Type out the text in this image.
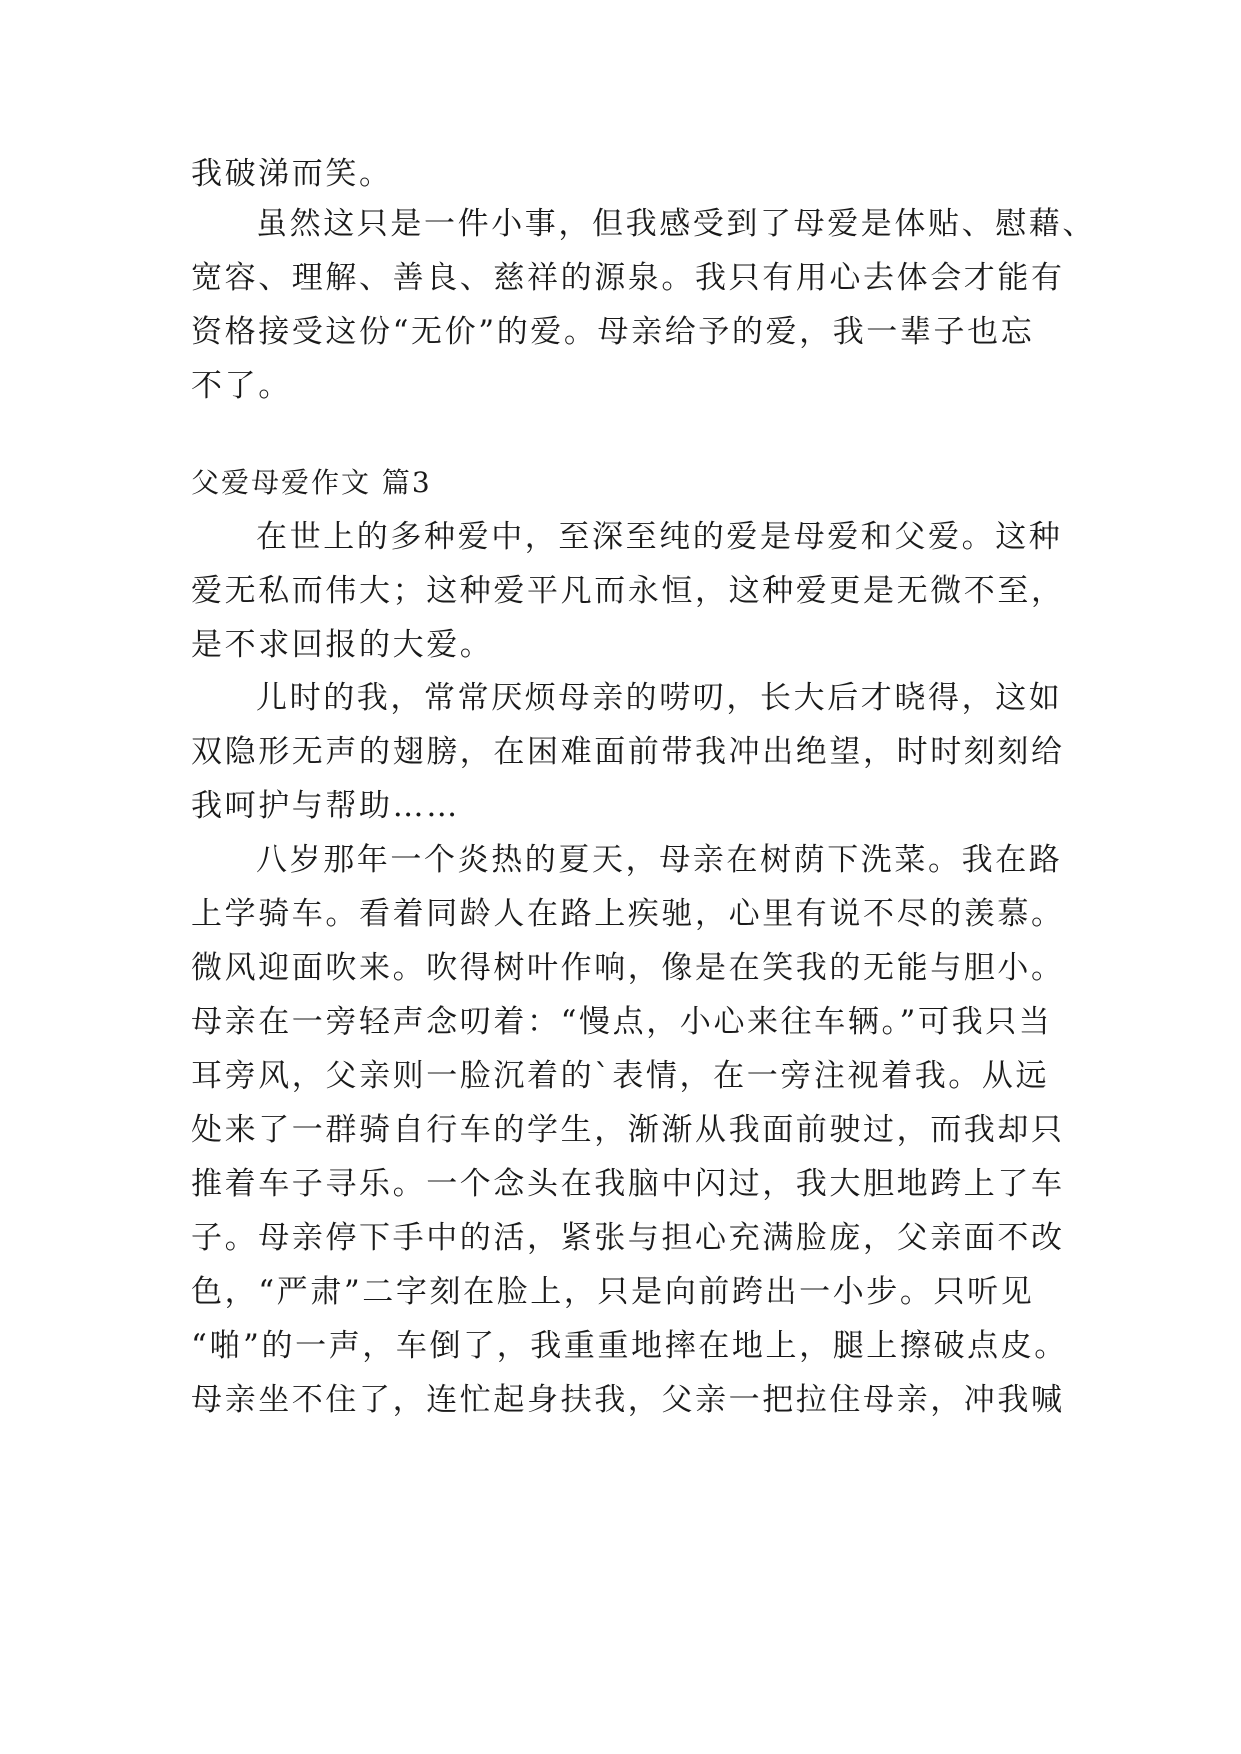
我破涕而笑。
虽然这只是一件小事，但我感受到了母爱是体贴、慰藉、
宽容、理解、善良、慈祥的源泉。我只有用心去体会才能有
资格接受这份“无价”的爱。母亲给予的爱，我一辈子也忘
不了。
父爱母爱作文 篇3
在世上的多种爱中，至深至纯的爱是母爱和父爱。这种
爱无私而伟大；这种爱平凡而永恒，这种爱更是无微不至，
是不求回报的大爱。
儿时的我，常常厌烦母亲的唠叨，长大后才晓得，这如
双隐形无声的翅膀，在困难面前带我冲出绝望，时时刻刻给
我呵护与帮助……
八岁那年一个炎热的夏天，母亲在树荫下洗菜。我在路
上学骑车。看着同龄人在路上疾驰，心里有说不尽的羡慕。
微风迎面吹来。吹得树叶作响，像是在笑我的无能与胆小。
母亲在一旁轻声念叨着：“慢点，小心来往车辆。”可我只当
耳旁风，父亲则一脸沉着的`表情，在一旁注视着我。从远
处来了一群骑自行车的学生，渐渐从我面前驶过，而我却只
推着车子寻乐。一个念头在我脑中闪过，我大胆地跨上了车
子。母亲停下手中的活，紧张与担心充满脸庞，父亲面不改
色，“严肃”二字刻在脸上，只是向前跨出一小步。只听见
“啪”的一声，车倒了，我重重地摔在地上，腿上擦破点皮。
母亲坐不住了，连忙起身扶我，父亲一把拉住母亲，冲我喊
